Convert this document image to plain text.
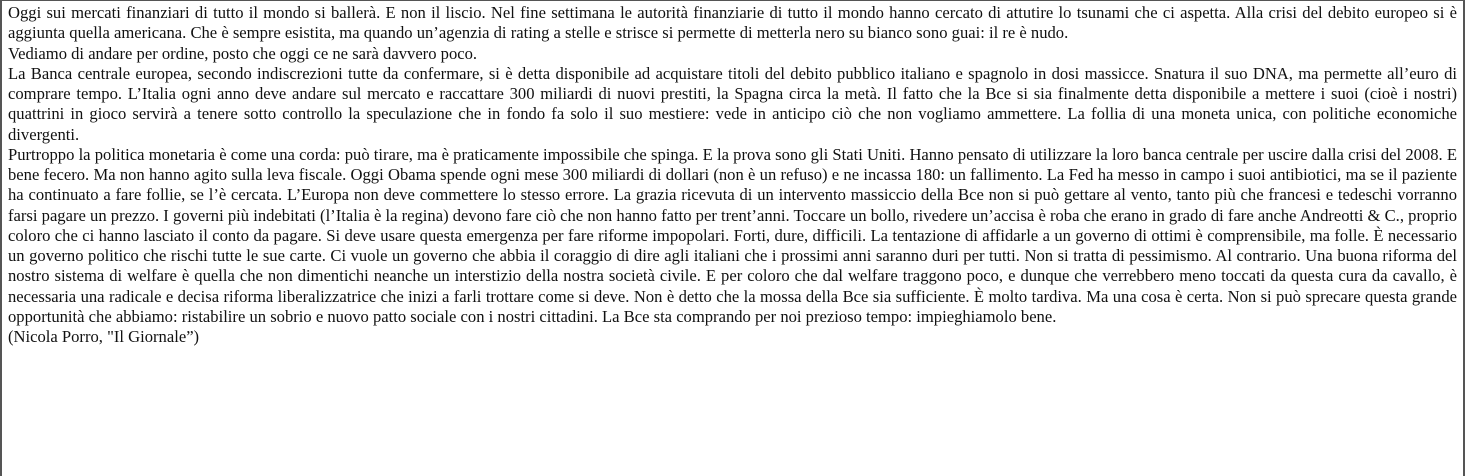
Oggi sui mercati finanziari di tutto il mondo si ballerà. E non il liscio. Nel fine settimana le autorità finanziarie di tutto il mondo hanno cercato di attutire lo tsunami che ci aspetta. Alla crisi del debito europeo si è aggiunta quella americana. Che è sempre esistita, ma quando un’agenzia di rating a stelle e strisce si permette di metterla nero su bianco sono guai: il re è nudo.

Vediamo di andare per ordine, posto che oggi ce ne sarà davvero poco.

La Banca centrale europea, secondo indiscrezioni tutte da confermare, si è detta disponibile ad acquistare titoli del debito pubblico italiano e spagnolo in dosi massicce. Snatura il suo DNA, ma permette all’euro di comprare tempo. L’Italia ogni anno deve andare sul mercato e raccattare 300 miliardi di nuovi prestiti, la Spagna circa la metà. Il fatto che la Bce si sia finalmente detta disponibile a mettere i suoi (cioè i nostri) quattrini in gioco servirà a tenere sotto controllo la speculazione che in fondo fa solo il suo mestiere: vede in anticipo ciò che non vogliamo ammettere. La follia di una moneta unica, con politiche economiche divergenti.

Purtroppo la politica monetaria è come una corda: può tirare, ma è praticamente impossibile che spinga. E la prova sono gli Stati Uniti. Hanno pensato di utilizzare la loro banca centrale per uscire dalla crisi del 2008. E bene fecero. Ma non hanno agito sulla leva fiscale. Oggi Obama spende ogni mese 300 miliardi di dollari (non è un refuso) e ne incassa 180: un fallimento. La Fed ha messo in campo i suoi antibiotici, ma se il paziente ha continuato a fare follie, se l’è cercata. L’Europa non deve commettere lo stesso errore. La grazia ricevuta di un intervento massiccio della Bce non si può gettare al vento, tanto più che francesi e tedeschi vorranno farsi pagare un prezzo. I governi più indebitati (l’Italia è la regina) devono fare ciò che non hanno fatto per trent’anni. Toccare un bollo, rivedere un’accisa è roba che erano in grado di fare anche Andreotti & C., proprio coloro che ci hanno lasciato il conto da pagare. Si deve usare questa emergenza per fare riforme impopolari. Forti, dure, difficili. La tentazione di affidarle a un governo di ottimi è comprensibile, ma folle. È necessario un governo politico che rischi tutte le sue carte. Ci vuole un governo che abbia il coraggio di dire agli italiani che i prossimi anni saranno duri per tutti. Non si tratta di pessimismo. Al contrario. Una buona riforma del nostro sistema di welfare è quella che non dimentichi neanche un interstizio della nostra società civile. E per coloro che dal welfare traggono poco, e dunque che verrebbero meno toccati da questa cura da cavallo, è necessaria una radicale e decisa riforma liberalizzatrice che inizi a farli trottare come si deve. Non è detto che la mossa della Bce sia sufficiente. È molto tardiva. Ma una cosa è certa. Non si può sprecare questa grande opportunità che abbiamo: ristabilire un sobrio e nuovo patto sociale con i nostri cittadini. La Bce sta comprando per noi prezioso tempo: impieghiamolo bene.

(Nicola Porro, "Il Giornale”)
